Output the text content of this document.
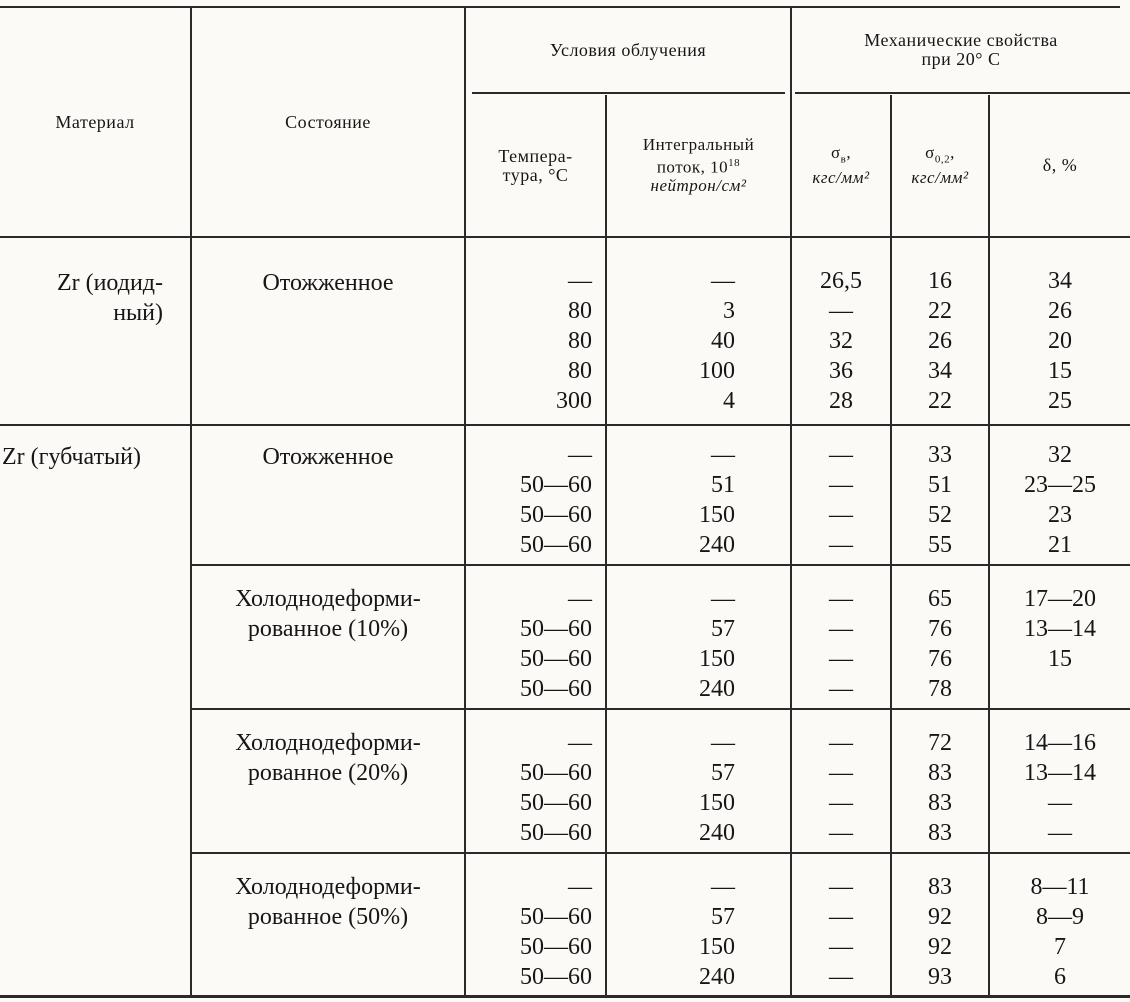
Материал	Состояние
Условия облучения
Темпера-
тура, °C
Интегральный
поток, $10^{18}$
нейтрон/см²
Механические свойства
при 20° С
$\sigma_в$,
кгс/мм²
$\sigma_{0,2}$,
кгс/мм²
δ, %
Zr (иодид-
ный)
Отожженное
Zr (губчатый)	Отожженное
Холоднодеформи-
рованное (10%)
Холоднодеформи-
рованное (20%)
Холоднодеформи-
рованное (50%)
—
80
80
80
300
—
3
40
100
4
26,5
—
32
36
28
16
22
26
34
22
34
26
20
15
25
—
50—60
50—60
50—60
—
51
150
240
—
—
—
—
33
51
52
55
32
23—25
23
21
—
50—60
50—60
50—60
—
57
150
240
—
—
—
—
65
76
76
78
17—20
13—14
15
—
50—60
50—60
50—60
—
57
150
240
—
—
—
—
72
83
83
83
14—16
13—14
—
—
—
50—60
50—60
50—60
—
57
150
240
—
—
—
—
83
92
92
93
8—11
8—9
7
6
